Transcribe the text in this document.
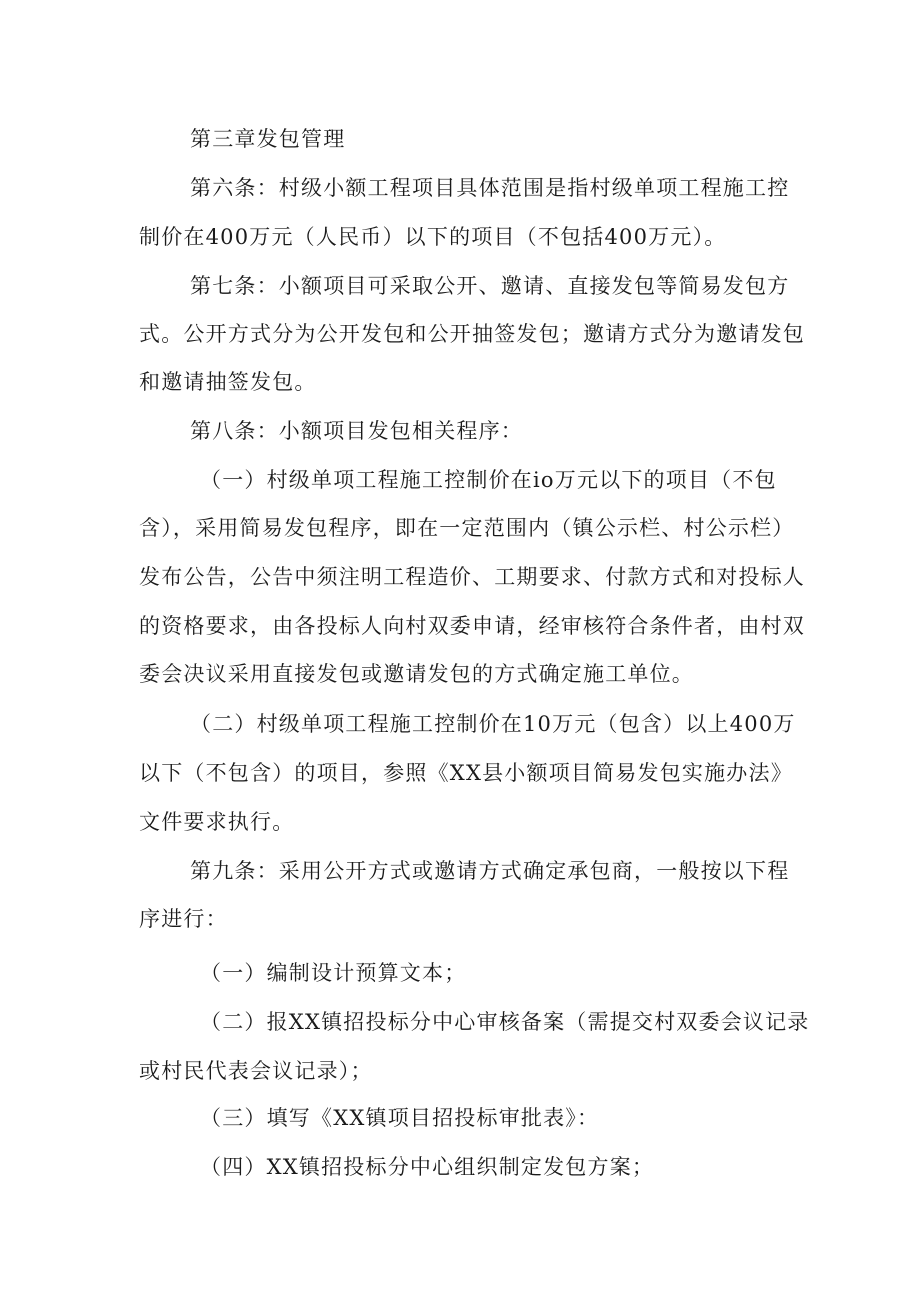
第三章发包管理
第六条：村级小额工程项目具体范围是指村级单项工程施工控
制价在400万元（人民币）以下的项目（不包括400万元）。
第七条：小额项目可采取公开、邀请、直接发包等简易发包方
式。公开方式分为公开发包和公开抽签发包；邀请方式分为邀请发包
和邀请抽签发包。
第八条：小额项目发包相关程序：
（一）村级单项工程施工控制价在io万元以下的项目（不包
含），采用简易发包程序，即在一定范围内（镇公示栏、村公示栏）
发布公告，公告中须注明工程造价、工期要求、付款方式和对投标人
的资格要求，由各投标人向村双委申请，经审核符合条件者，由村双
委会决议采用直接发包或邀请发包的方式确定施工单位。
（二）村级单项工程施工控制价在10万元（包含）以上400万
以下（不包含）的项目，参照《XX县小额项目简易发包实施办法》
文件要求执行。
第九条：采用公开方式或邀请方式确定承包商，一般按以下程
序进行：
（一）编制设计预算文本；
（二）报XX镇招投标分中心审核备案（需提交村双委会议记录
或村民代表会议记录）；
（三）填写《XX镇项目招投标审批表》：
（四）XX镇招投标分中心组织制定发包方案；
